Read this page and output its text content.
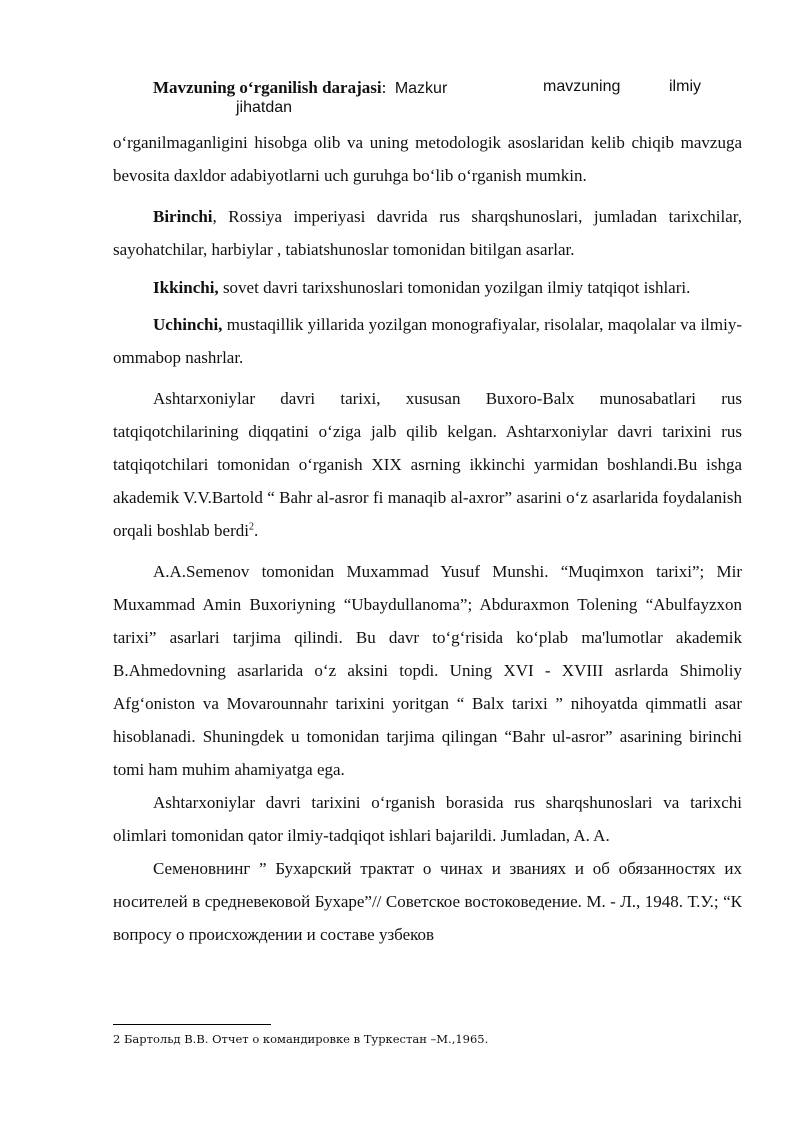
Mavzuning oʻrganilish darajasi: Mazkur	mavzuning	ilmiy
jihatdan

oʻrganilmaganligini hisobga olib va uning metodologik asoslaridan kelib chiqib mavzuga bevosita daxldor adabiyotlarni uch guruhga boʻlib oʻrganish mumkin.

Birinchi, Rossiya imperiyasi davrida rus sharqshunoslari, jumladan tarixchilar, sayohatchilar, harbiylar , tabiatshunoslar tomonidan bitilgan asarlar.

Ikkinchi, sovet davri tarixshunoslari tomonidan yozilgan ilmiy tatqiqot ishlari.

Uchinchi, mustaqillik yillarida yozilgan monografiyalar, risolalar, maqolalar va ilmiy-ommabop nashrlar.

Ashtarxoniylar davri tarixi, xususan Buxoro-Balx munosabatlari rus tatqiqotchilarining diqqatini oʻziga jalb qilib kelgan. Ashtarxoniylar davri tarixini rus tatqiqotchilari tomonidan oʻrganish XIX asrning ikkinchi yarmidan boshlandi.Bu ishga akademik V.V.Bartold “ Bahr al-asror fi manaqib al-axror” asarini oʻz asarlarida foydalanish orqali boshlab berdi$^2$.

A.A.Semenov tomonidan Muxammad Yusuf Munshi. “Muqimxon tarixi”; Mir Muxammad Amin Buxoriyning “Ubaydullanoma”; Abduraxmon Tolening “Abulfayzxon tarixi” asarlari tarjima qilindi. Bu davr toʻgʻrisida koʻplab ma'lumotlar akademik B.Ahmedovning asarlarida oʻz aksini topdi. Uning XVI - XVIII asrlarda Shimoliy Afgʻoniston va Movarounnahr tarixini yoritgan “ Balx tarixi ” nihoyatda qimmatli asar hisoblanadi. Shuningdek u tomonidan tarjima qilingan “Bahr ul-asror” asarining birinchi tomi ham muhim ahamiyatga ega.

Ashtarxoniylar davri tarixini oʻrganish borasida rus sharqshunoslari va tarixchi olimlari tomonidan qator ilmiy-tadqiqot ishlari bajarildi. Jumladan, A. A.

Семеновнинг ” Бухарский трактат о чинах и званиях и об обязанностях их носителей в средневековой Бухаре”// Советское востоковедение. М. - Л., 1948. Т.У.; “К вопросу о происхождении и составе узбеков

2 Бартольд В.В. Отчет о командировке в Туркестан –М.,1965.
